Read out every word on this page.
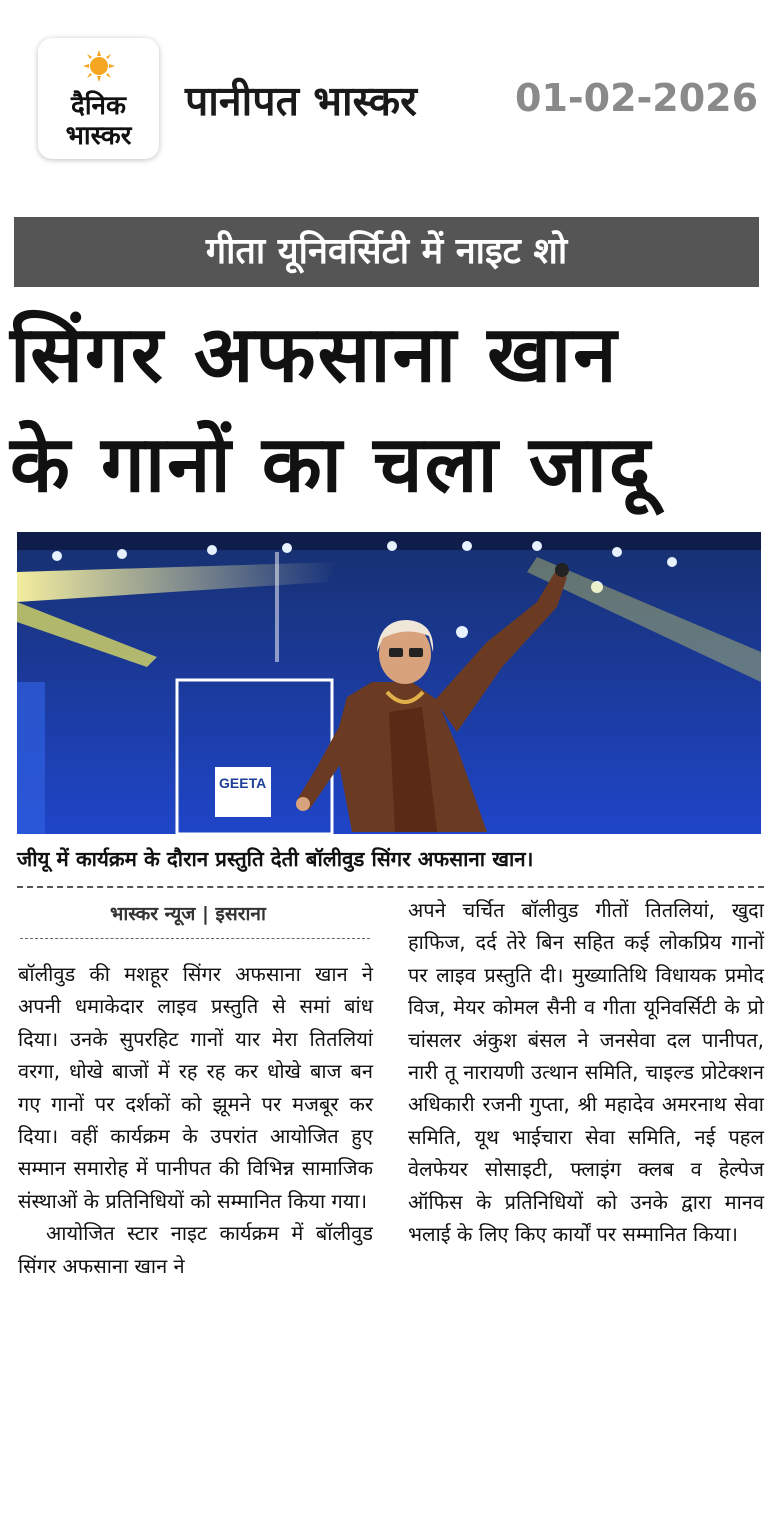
दैनिक
भास्कर
पानीपत भास्कर	01-02-2026
गीता यूनिवर्सिटी में नाइट शो
सिंगर अफसाना खान
के गानों का चला जादू
GEETA
जीयू में कार्यक्रम के दौरान प्रस्तुति देती बॉलीवुड सिंगर अफसाना खान।
भास्कर न्यूज | इसराना

बॉलीवुड की मशहूर सिंगर अफसाना खान ने अपनी धमाकेदार लाइव प्रस्तुति से समां बांध दिया। उनके सुपरहिट गानों यार मेरा तितलियां वरगा, धोखे बाजों में रह रह कर धोखे बाज बन गए गानों पर दर्शकों को झूमने पर मजबूर कर दिया। वहीं कार्यक्रम के उपरांत आयोजित हुए सम्मान समारोह में पानीपत की विभिन्न सामाजिक संस्थाओं के प्रतिनिधियों को सम्मानित किया गया।

आयोजित स्टार नाइट कार्यक्रम में बॉलीवुड सिंगर अफसाना खान ने

अपने चर्चित बॉलीवुड गीतों तितलियां, खुदा हाफिज, दर्द तेरे बिन सहित कई लोकप्रिय गानों पर लाइव प्रस्तुति दी। मुख्यातिथि विधायक प्रमोद विज, मेयर कोमल सैनी व गीता यूनिवर्सिटी के प्रो चांसलर अंकुश बंसल ने जनसेवा दल पानीपत, नारी तू नारायणी उत्थान समिति, चाइल्ड प्रोटेक्शन अधिकारी रजनी गुप्ता, श्री महादेव अमरनाथ सेवा समिति, यूथ भाईचारा सेवा समिति, नई पहल वेलफेयर सोसाइटी, फ्लाइंग क्लब व हेल्पेज ऑफिस के प्रतिनिधियों को उनके द्वारा मानव भलाई के लिए किए कार्यों पर सम्मानित किया।
